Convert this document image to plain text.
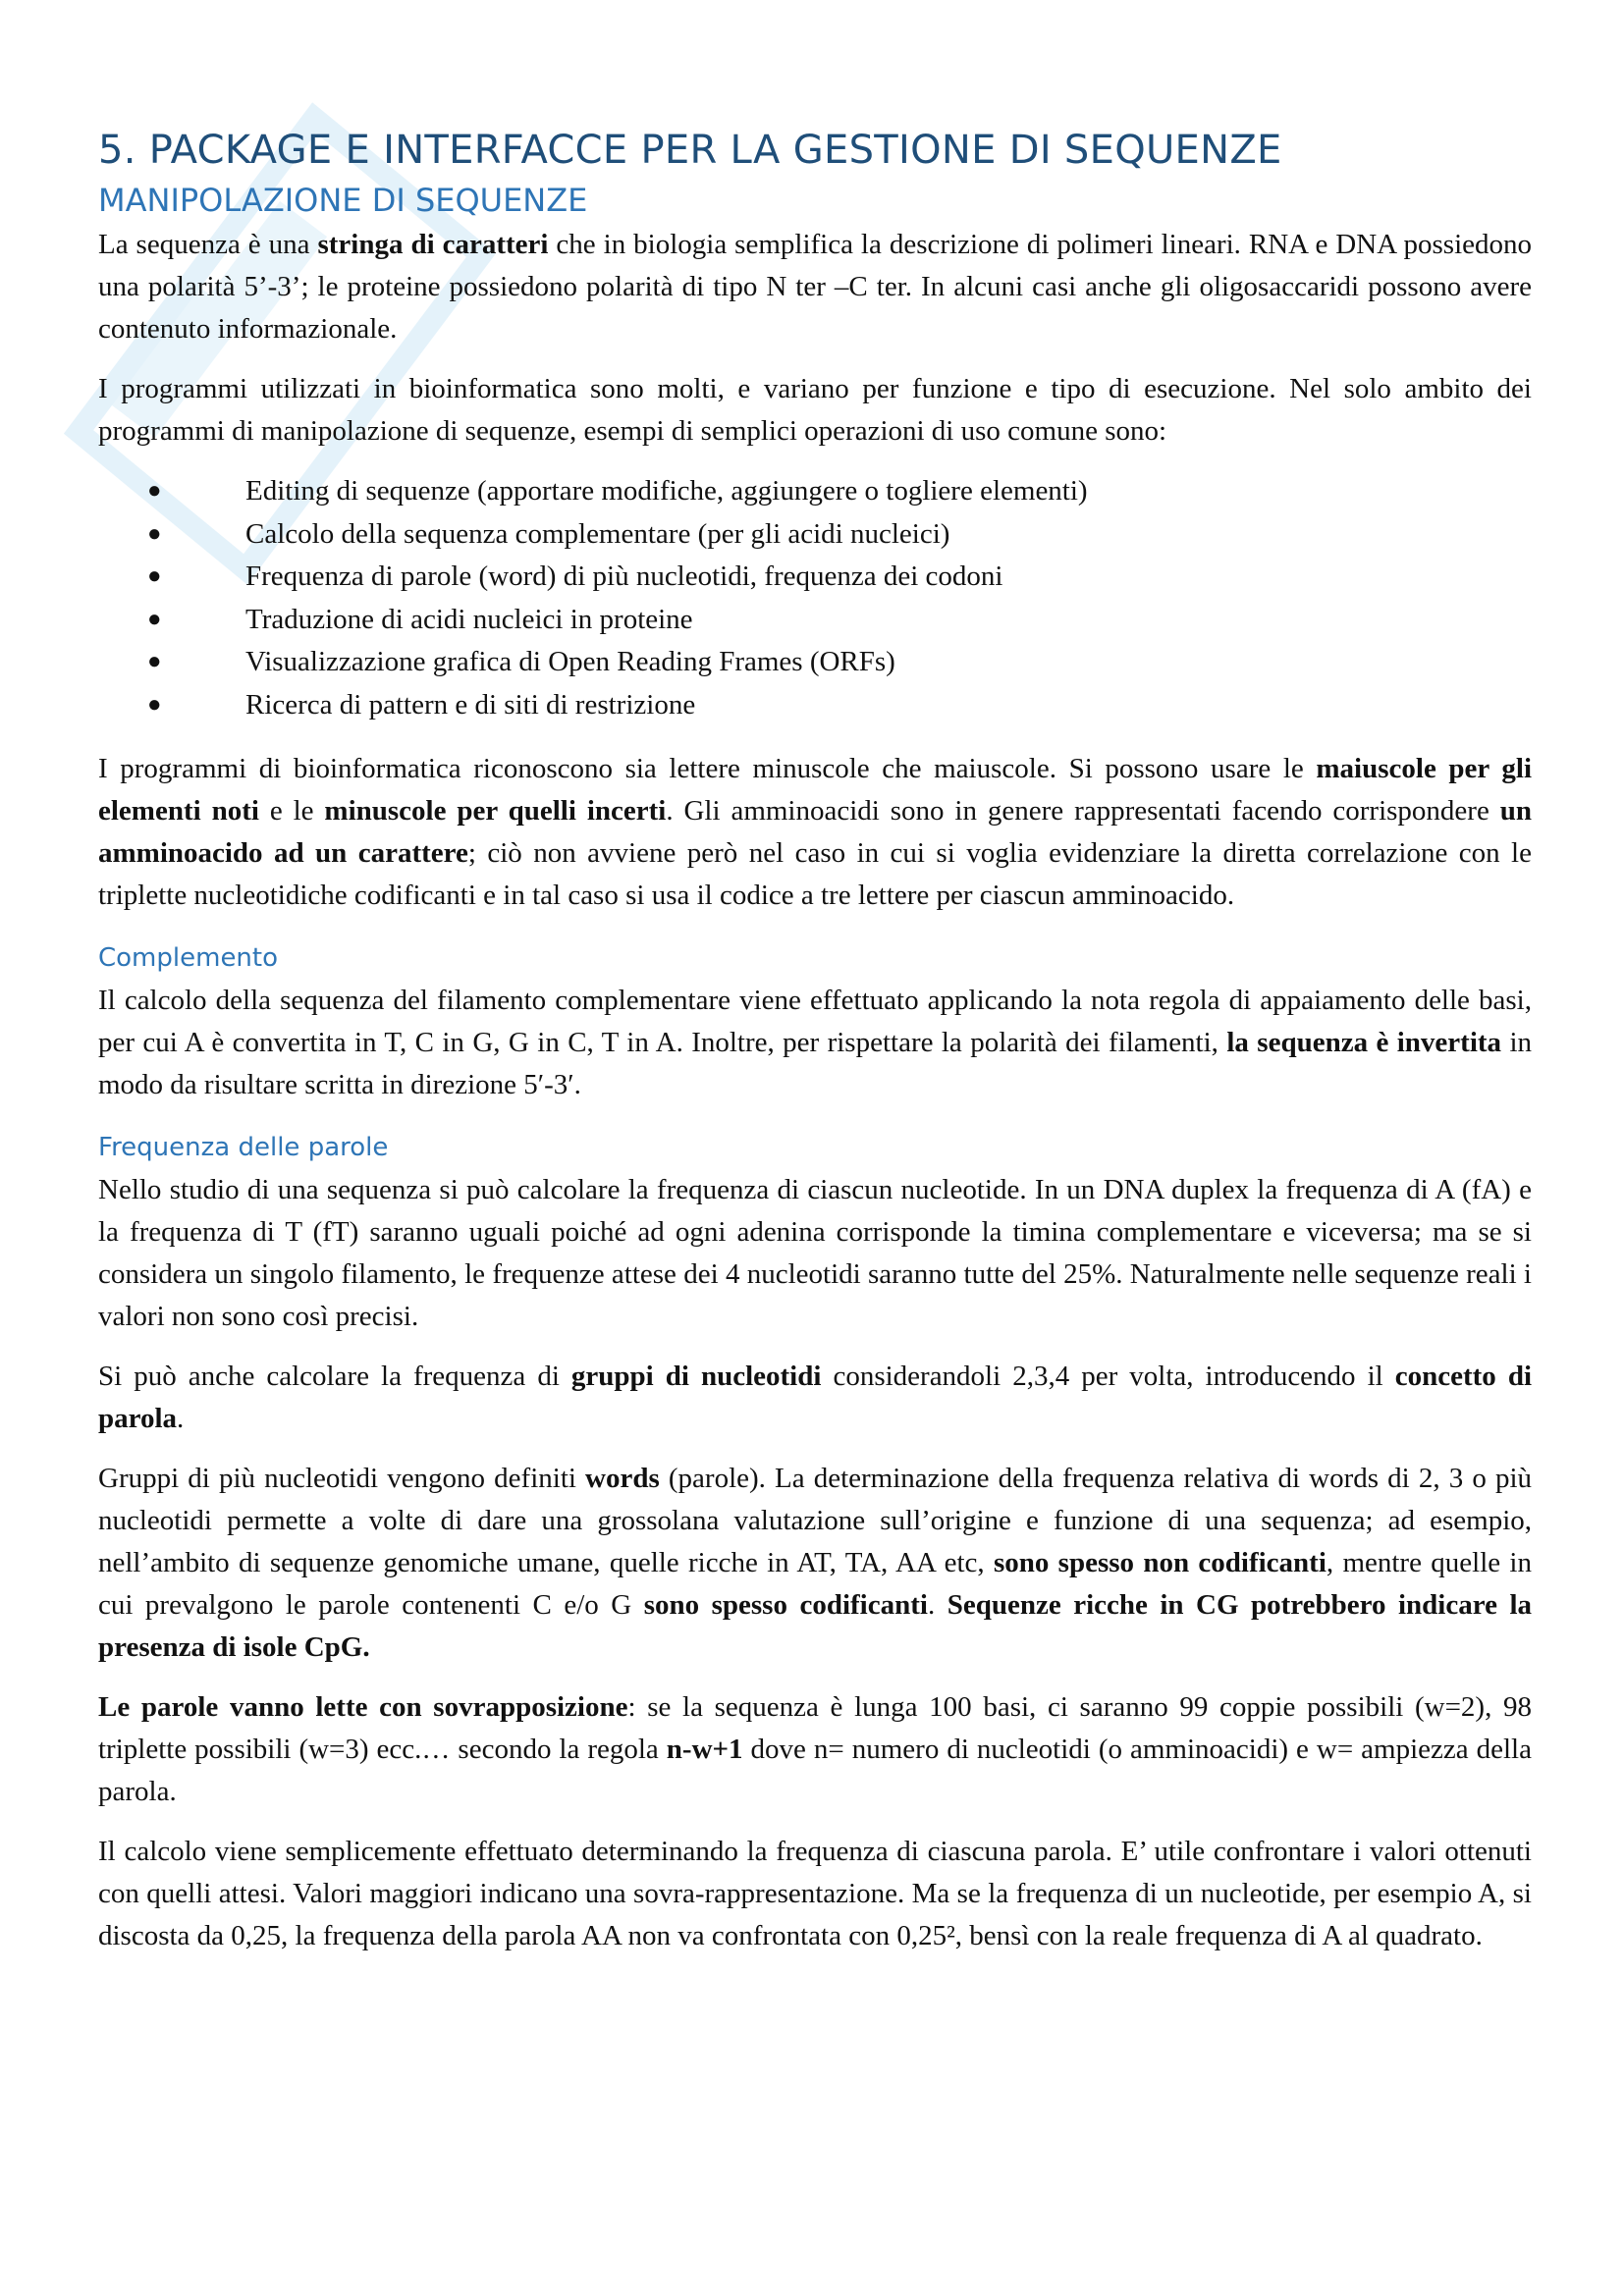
5. PACKAGE E INTERFACCE PER LA GESTIONE DI SEQUENZE
MANIPOLAZIONE DI SEQUENZE

La sequenza è una stringa di caratteri che in biologia semplifica la descrizione di polimeri lineari. RNA e DNA possiedono una polarità 5’-3’; le proteine possiedono polarità di tipo N ter –C ter. In alcuni casi anche gli oligosaccaridi possono avere contenuto informazionale.

I programmi utilizzati in bioinformatica sono molti, e variano per funzione e tipo di esecuzione. Nel solo ambito dei programmi di manipolazione di sequenze, esempi di semplici operazioni di uso comune sono:

●	Editing di sequenze (apportare modifiche, aggiungere o togliere elementi)
●	Calcolo della sequenza complementare (per gli acidi nucleici)
●	Frequenza di parole (word) di più nucleotidi, frequenza dei codoni
●	Traduzione di acidi nucleici in proteine
●	Visualizzazione grafica di Open Reading Frames (ORFs)
●	Ricerca di pattern e di siti di restrizione

I programmi di bioinformatica riconoscono sia lettere minuscole che maiuscole. Si possono usare le maiuscole per gli elementi noti e le minuscole per quelli incerti. Gli amminoacidi sono in genere rappresentati facendo corrispondere un amminoacido ad un carattere; ciò non avviene però nel caso in cui si voglia evidenziare la diretta correlazione con le triplette nucleotidiche codificanti e in tal caso si usa il codice a tre lettere per ciascun amminoacido.

Complemento

Il calcolo della sequenza del filamento complementare viene effettuato applicando la nota regola di appaiamento delle basi, per cui A è convertita in T, C in G, G in C, T in A. Inoltre, per rispettare la polarità dei filamenti, la sequenza è invertita in modo da risultare scritta in direzione 5′-3′.

Frequenza delle parole

Nello studio di una sequenza si può calcolare la frequenza di ciascun nucleotide. In un DNA duplex la frequenza di A (fA) e la frequenza di T (fT) saranno uguali poiché ad ogni adenina corrisponde la timina complementare e viceversa; ma se si considera un singolo filamento, le frequenze attese dei 4 nucleotidi saranno tutte del 25%. Naturalmente nelle sequenze reali i valori non sono così precisi.

Si può anche calcolare la frequenza di gruppi di nucleotidi considerandoli 2,3,4 per volta, introducendo il concetto di parola.

Gruppi di più nucleotidi vengono definiti words (parole). La determinazione della frequenza relativa di words di 2, 3 o più nucleotidi permette a volte di dare una grossolana valutazione sull’origine e funzione di una sequenza; ad esempio, nell’ambito di sequenze genomiche umane, quelle ricche in AT, TA, AA etc, sono spesso non codificanti, mentre quelle in cui prevalgono le parole contenenti C e/o G sono spesso codificanti. Sequenze ricche in CG potrebbero indicare la presenza di isole CpG.

Le parole vanno lette con sovrapposizione: se la sequenza è lunga 100 basi, ci saranno 99 coppie possibili (w=2), 98 triplette possibili (w=3) ecc.… secondo la regola n-w+1 dove n= numero di nucleotidi (o amminoacidi) e w= ampiezza della parola.

Il calcolo viene semplicemente effettuato determinando la frequenza di ciascuna parola. E’ utile confrontare i valori ottenuti con quelli attesi. Valori maggiori indicano una sovra-rappresentazione. Ma se la frequenza di un nucleotide, per esempio A, si discosta da 0,25, la frequenza della parola AA non va confrontata con 0,25², bensì con la reale frequenza di A al quadrato.
